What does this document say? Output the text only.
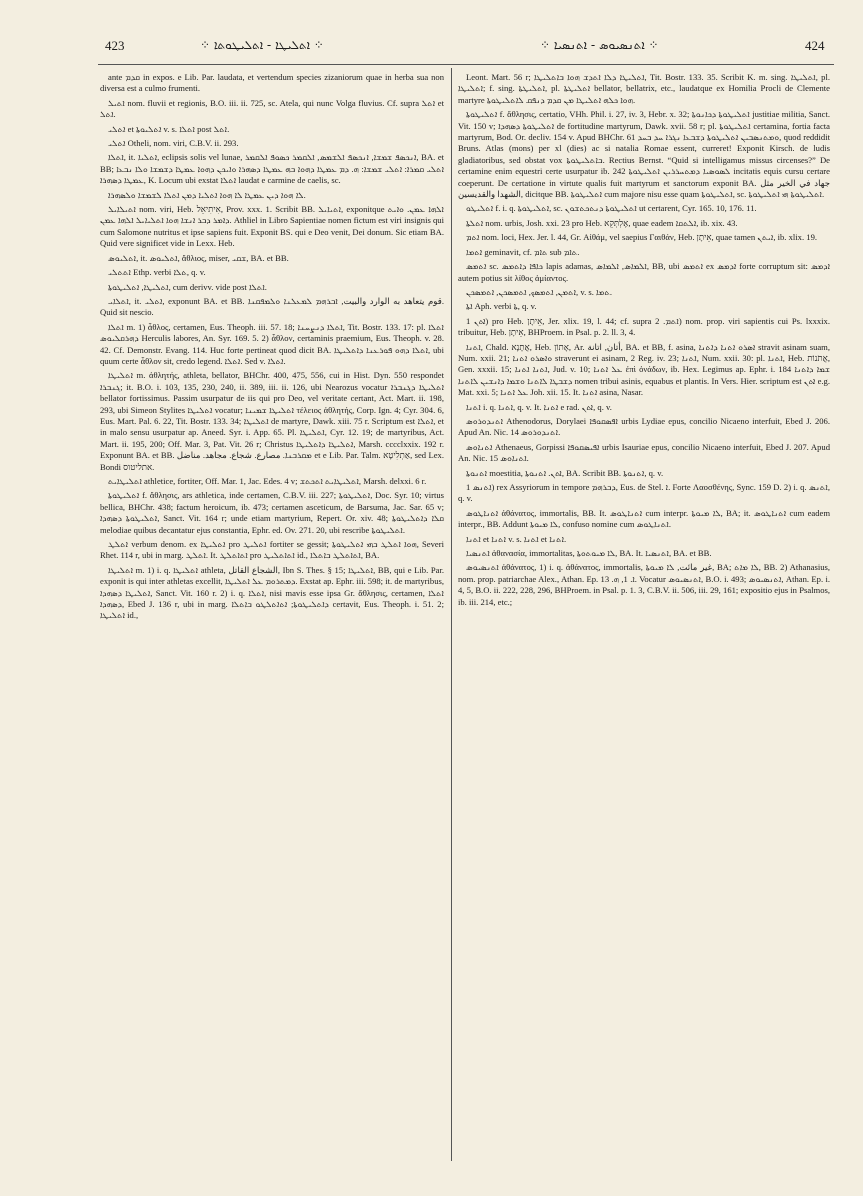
423	⁘ ܐܬܠܝܛܐ - ܐܬܠܝܛܘܬܐ ⁘	⁘ ܐܬܢܣܝܘܣ - ܐܬܢܣܝܐ ⁘	424

ante ܩܕܡ in expos. e Lib. Par. laudata, et vertendum species zizaniorum quae in herba sua non diversa est a culmo frumenti.

ܐܬܝܠ nom. fluvii et regionis, B.O. iii. ii. 725, sc. Atela, qui nunc Volga fluvius. Cf. supra ܐܬܠ et ܐܬܠ.

ܐܬܠܝ et ܐܬܠܝܘܬܐ v. s. ܐܬܠܐ post ܐܬܠ.

ܐܬܠܝ Otheli, nom. viri, C.B.V. ii. 293.

ܐܬܠܐ, it. ܐܬܠܝܐ, eclipsis solis vel lunae, ܐܢܟܣܦ ܫܡܫܐ, ܐܢܟܣܦ ܐܠܫܡܣ, ܐܠܩܡܪ ܟܣܘܦ ܐܠܩܡܪ, BA. et BB; ܐܬܠܝ ܩܡܪܐ: ܐܬܠܝ ܫܡܫܐ: ܗ. ܕܡ ܥܡܛܐ ܕܗܘܐ ܒܗ ܥܡܛܐ ܕܣܗܪܐ ܘܐܝܟܢ ܕܗܘܐ ܥܡܛܐ ܕܫܡܫܐ ܘܠܐ ܢܒܥܐ ܥܡܛܐ ܕܣܗܪܐ, K. Locum ubi exstat ܐܬܠܐ laudat e carmine de caelis, sc.

ܠܐ ܗܘܐ ܕܝܢ ܥܡܛܐ ܠܐ ܗܘܐ ܐܬܠܝܐ ܕܡܢ ܐܬܠܐ ܠܫܡܫܐ ܘܠܣܗܪܐ.

ܐܬܝܠܐܝܠ nom. viri, Heb. אִיתִיאֵל, Prov. xxx. 1. Scribit BB. ܐܬܝܐܝܠ, exponitque ܐܠܗܐ ܥܡܢ. ܘܐܝܬ ܕܐܡܪ ܕܒܪ ܐܢܫܐ ܗܘܐ ܐܬܠܝܐܝܠ ܐܠܗܐ ܥܡܢ. Athliel in Libro Sapientiae nomen fictum est viri insignis qui cum Salomone nutritus et ipse sapiens fuit. Exponit BS. qui e Deo venit, Dei donum. Sic etiam BA. Quid vere significet vide in Lexx. Heb.

ܐܬܠܝܘܣ, it. ܐܬܠܝܘܣ, ἄθλιος, miser, ܫܩܝ, BA. et BB.

ܐܬܬܠܝ Ethp. verbi ܬܠܐ, q. v.

ܐܬܠܝܛܐ, ܐܬܠܝܛܘܬܐ, cum derivv. vide post ܐܬܠܐ.

ܐܬܠܐܝ, it. ܐܬܠܝ, exponunt BA. et BB. قوم يتعاهد به الوارد والبيت, ܐܒܪܗܡ ܠܡܥܠܢܐ ܘܠܡܦܩܢܐ. Quid sit nescio.

ܐܬܠܐ m. 1) ἆθλος, certamen, Eus. Theoph. iii. 57. 18; ܐܬܠܐ ܕܢܨܚܢܐ, Tit. Bostr. 133. 17: pl. ܐܬܠܐ ܕܗܪܩܠܝܘܣ Herculis labores, An. Syr. 169. 5. 2) ἆθλον, certaminis praemium, Eus. Theoph. v. 28. 42. Cf. Demonstr. Evang. 114. Huc forte pertineat quod dicit BA. ܐܬܠܐ ܕܗܘ ܦܘܪܥܢܐ ܕܐܬܠܝܛܐ, ubi quum certe ἆθλον sit, credo legend. ܐܬܠܐ. Sed v. ܐܬܠܐ.

ܐܬܠܝܛܐ m. ἀθλητής, athleta, bellator, BHChr. 400, 475, 556, cui in Hist. Dyn. 550 respondet ܓܢܒܪܐ; it. B.O. i. 103, 135, 230, 240, ii. 389, iii. ii. 126, ubi Nearozus vocatur ܐܬܠܝܛܐ ܕܓܢܒܪܐ bellator fortissimus. Passim usurpatur de iis qui pro Deo, vel veritate certant, Act. Mart. ii. 198, 293, ubi Simeon Stylites ܐܬܠܝܛܐ vocatur; ܐܬܠܝܛܐ ܫܡܝܢܐ τέλειος ἀθλητής, Corp. Ign. 4; Cyr. 304. 6, Eus. Mart. Pal. 6. 22, Tit. Bostr. 133. 34; ܐܬܠܝܛܐ de martyre, Dawk. xiii. 75 r. Scriptum est ܐܬܠܐ, et in malo sensu usurpatur ap. Aneed. Syr. i. App. 65. Pl. ܐܬܠܝܛܐ, Cyr. 12. 19; de martyribus, Act. Mart. ii. 195, 200; Off. Mar. 3, Pat. Vit. 26 r; Christus ܐܬܠܝܛܐ ܕܐܬܠܝܛܐ, Marsh. cccclxxix. 192 r. Exponunt BA. et BB. ܡܩܪܒܢܐ. مصارع. شجاع. مجاهد. مناضل et e Lib. Par. Talm. אַתְלִיטָא, sed Lex. Bondi אתליטוס.

ܐܬܠܝܛܐܝܬ athletice, fortiter, Off. Mar. 1, Jac. Edes. 4 v; ܐܬܠܝܛܐܝܬ ܐܬܟܬܫ, Marsh. delxxi. 6 r.

ܐܬܠܝܛܘܬܐ f. ἄθλησις, ars athletica, inde certamen, C.B.V. iii. 227; ܐܬܠܝܛܘܬܐ, Doc. Syr. 10; virtus bellica, BHChr. 438; factum heroicum, ib. 473; certamen asceticum, de Barsuma, Jac. Sar. 65 v; ܐܬܠܝܛܘܬܐ ܕܣܗܕܐ, Sanct. Vit. 164 r; unde etiam martyrium, Repert. Or. xiv. 48; ܩܠܐ ܕܐܬܠܝܛܘܬܐ melodiae quibus decantatur ejus constantia, Ephr. ed. Ov. 271. 20, ubi rescribe ܐܬܠܝܛܘܬܐ.

ܐܬܠܛ verbum denom. ex ܐܬܠܝܛܐ pro ܐܬܠܝܛ fortiter se gessit; ܗܘܐ ܐܬܠܛ ܒܗܝ ܐܬܠܝܛܘܬܐ, Severi Rhet. 114 r, ubi in marg. ܐܬܠܛ. It. ܐܬܐܬܠܛ pro ܐܬܐܬܠܝܛ id., ܐܬܐܬܠܛ ܒܐܬܠܐ, BA.

ܐܬܠܝܛܐ m. 1) i. q. ܐܬܠܝܛܐ athleta, الشجاع القاتل, Ibn S. Thes. § 15; ܐܬܠܝܛܐ, BB, qui e Lib. Par. exponit is qui inter athletas excellit, ܕܡܬܪܘܡ ܥܠ ܐܬܠܝܛܐ. Exstat ap. Ephr. iii. 598; it. de martyribus, ܐܬܠܝܛܐ ܕܣܗܕܐ, Sanct. Vit. 160 r. 2) i. q. ܐܬܠܐ, nisi mavis esse ipsa Gr. ἄθλησις, certamen, ܐܬܠܐ ܕܣܗܕܐ, Ebed J. 136 r, ubi in marg. ܕܐܬܠܝܛܘܬܐ; ܐܬܐܬܠܛܘ ܒܐܬܠܐ certavit, Eus. Theoph. i. 51. 2; ܐܬܠܝܛܐ id.,

Leont. Mart. 56 r; ܐܬܠܝܛܐ ܕܠܐ ܐܬܕܫ ܗܘܐ ܒܐܬܠܝܛܐ, Tit. Bostr. 133. 35. Scribit K. m. sing. ܐܬܠܝܛܐ, pl. ܐܬܠܝܛܐ; f. sing. ܐܬܠܝܛܬܐ, pl. ܐܬܠܝܛܬܐ bellator, bellatrix, etc., laudatque ex Homilia Procli de Clemente martyre ܗܘܐ ܟܠܗ ܐܬܠܝܛܐ ܡܢ ܩܕܡ ܕܢܦܩ ܠܐܬܠܝܛܘܬܐ.

ܐܬܠܝܛܘܬܐ f. ἄθλησις, certatio, VHh. Phil. i. 27, iv. 3, Hebr. x. 32; ܐܬܠܝܛܘܬܐ ܕܟܐܢܘܬܐ justitiae militia, Sanct. Vit. 150 v; ܐܬܠܝܛܘܬܐ ܕܣܗܕܐ de fortitudine martyrum, Dawk. xvii. 58 r; pl. ܐܬܠܝܛܘܬܐ certamina, fortia facta martyrum, Bod. Or. decliv. 154 v. Apud BHChr. 61 ܘܡܬܢܣܒܝܢ ܐܬܠܝܛܘܬܐ ܕܫܒܥܐ ܢܓܪܐ ܚܕ ܒܚܕ, quod reddidit Bruns. Atlas (mons) per xl (dies) ac si natalia Romae essent, curreret! Exponit Kirsch. de ludis gladiatoribus, sed obstat vox ܒܐܬܠܝܛܘܬܐ. Rectius Bernst. “Quid si intelligamus missus circenses?” De certamine enim equestri certe usurpatur ib. 242 ܠܣܘܣܝܐ ܕܡܬܚܪܪܝܢ ܐܬܠܝܛܘܬܐ incitatis equis cursu certare coeperunt. De certatione in virtute qualis fuit martyrum et sanctorum exponit BA. جهاد في الخير مثل الشهدا والقديسين, dicitque BB. ܐܬܠܝܛܘܬܐ cum majore nisu esse quam ܐܬܠܝܛܘܬܐ, sc. ܐܬܠܝܛܘܬܐ ܗܝ ܐܬܠܝܛܘܬܐ.

ܐܬܠܝܛܘ f. i. q. ܐܬܠܝܛܘܬܐ, sc. ܐܬܠܝܛܘܬܐ ܕܢܬܟܬܫܘܢ ut certarent, Cyr. 165. 10, 176. 11.

ܐܬܠܬܐ nom. urbis, Josh. xxi. 23 pro Heb. אֶלְתְּקֵא, quae eadem ܐܠܬܩܐ, ib. xix. 43.

ܐܬܡ nom. loci, Hex. Jer. l. 44, Gr. Αἰθάμ, vel saepius Γαιθάν, Heb. אֵיתָן, quae tamen ܐܝܬܢ, ib. xlix. 19.

ܐܬܡܐ geminavit, cf. ܬܐܡ sub ܬܐܡ.

ܐܬܡܣ sc. ܟܐܦܐ ܕܐܬܡܣ lapis adamas, ܐܠܡܐܣ, ܐܠܡܐܣ, BB, ubi ܐܬܡܣ ex ܐܕܡܣ forte corruptum sit: ܐܕܡܣ autem potius sit λίθος ἀμίαντος.

ܐܬܡܢ, ܐܬܡܣܟ, ܐܬܡܣܟܢ, ܐܬܡܣܟܢ, v. s. ܬܡܐ.

ܐܬܐ Aph. verbi ܬܐ, q. v.

ܐܬܢ 1) pro Heb. אֵיתָן, Jer. xlix. 19, l. 44; cf. supra ܐܬܡ. 2) nom. prop. viri sapientis cui Ps. lxxxix. tribuitur, Heb. אֵיתָן, BHProem. in Psal. p. 2. ll. 3, 4.

ܐܬܢܐ, Chald. אֲתָנָא, Heb. אָתוֹן, Ar. أتان, اتانة, BA. et BB, f. asina, ܐܣܪܘ ܐܬܢܐ ܕܐܬܢܐ stravit asinam suam, Num. xxii. 21; ܘܐܣܪܘ ܐܬܢܐ straverunt ei asinam, 2 Reg. iv. 23; ܐܬܢܐ, Num. xxii. 30: pl. ܐܬܢܐ, Heb. אֲתֹנוֹת, Gen. xxxii. 15; ܐܬܢܐ ܐܬܢܐ, Jud. v. 10; ܥܠ ܐܬܢܐ ἐπὶ ὀνάδων, ib. Hex. Legimus ap. Ephr. i. 184 ܫܡܐ ܕܐܬܢܐ ܕܫܒܛܐ ܠܐܬܢܐ ܘܫܡܐ ܕܐܢܫܝܢ ܠܐܬܢܐ nomen tribui asinis, equabus et plantis. In Vers. Hier. scriptum est ܐܬܢ e.g. Mat. xxi. 5; ܥܠ ܐܬܢܐ Joh. xii. 15. It. ܐܬܢܐ asina, Nasar.

ܐܬܢܐ i. q. ܐܬܢܐ, q. v. It. ܐܬܢܐ e rad. ܐܬܢ, q. v.

ܐܬܢܕܘܪܘܣ Athenodorus, Dorylaei ܐܦܣܩܘܦܐ urbis Lydiae epus, concilio Nicaeno interfuit, Ebed J. 206. Apud An. Nic. 14 ܐܬܢܕܘܪܘܣ.

ܐܬܢܐܘܣ Athenaeus, Gorpissi ܐܦܝܣܩܘܦܐ urbis Isauriae epus, concilio Nicaeno interfuit, Ebed J. 207. Apud An. Nic. 15 ܐܬܢܐܘܣ.

ܐܬܢܘܬܐ moestitia, ܐܬܢ. ܐܬܢܘܬܐ, BA. Scribit BB. ܐܬܢܘܬܐ, q. v.

ܐܬܢܣ 1) rex Assyriorum in tempore ܕܒܪܗܡ, Eus. de Stel. ܐ. Forte Λαοσθένης, Sync. 159 D. 2) i. q. ܐܬܢܣ, q. v.

ܐܬܢܐܛܘܣ ἀθάνατος, immortalis, BB. It. ܐܬܢܐܛܘܣ cum interpr. ܠܐ ܡܝܘܬܐ, BA; it. ܐܬܢܐܛܘܣ cum eadem interpr., BB. Addunt ܠܐ ܡܝܘܬܐ, confuso nomine cum ܐܬܢܐܛܘܣ.

ܐܬܢܐ et ܐܬܢܐ v. s. ܐܬܢܐ et ܐܬܢܐ.

ܐܬܢܣܝܐ ἀθανασία, immortalitas, ܠܐ ܡܝܘܬܘܬܐ, BA. It. ܐܬܢܣܝܐ, BA. et BB.

ܐܬܢܣܝܘܣ ἀθάνατος, 1) i. q. ἀθάνατος, immortalis, غير مائت, ܠܐ ܡܝܘܬܐ, BA; ܠܐ ܡܐܬ, BB. 2) Athanasius, nom. prop. patriarchae Alex., Athan. Ep. ܐ. 1, ܗ. 13. Vocatur ܐܬܢܣܝܘܣ, B.O. i. 493; ܐܬܢܣܝܘܣ, Athan. Ep. i. 4, 5, B.O. ii. 222, 228, 296, BHProem. in Psal. p. 1. 3, C.B.V. ii. 506, iii. 29, 161; expositio ejus in Psalmos, ib. iii. 214, etc.;
